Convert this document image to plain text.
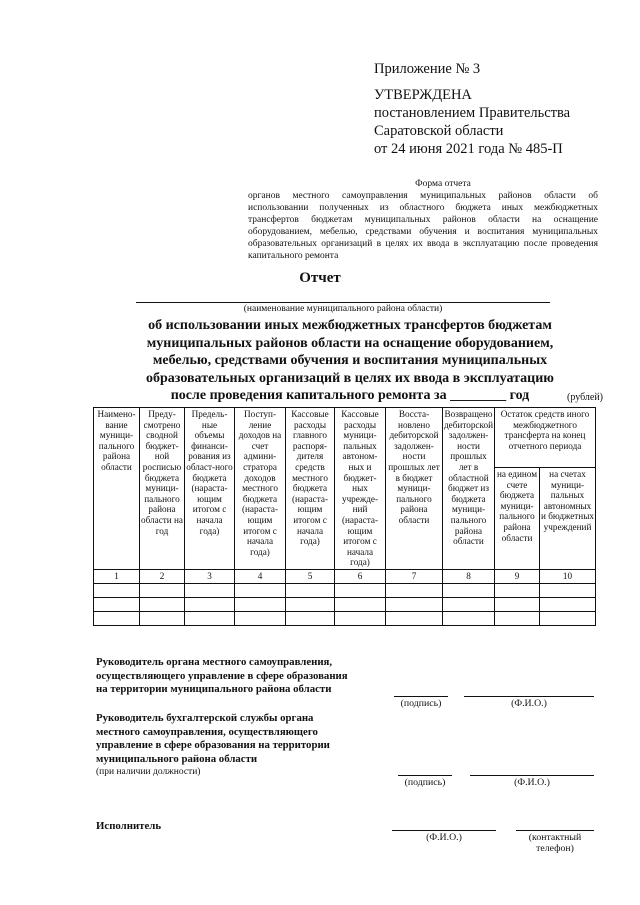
Приложение № 3
УТВЕРЖДЕНА
постановлением Правительства
Саратовской области
от 24 июня 2021 года № 485-П
Форма отчета
органов местного самоуправления муниципальных районов области об использовании полученных из областного бюджета иных межбюджетных трансфертов бюджетам муниципальных районов области на оснащение оборудованием, мебелью, средствами обучения и воспитания муниципальных образовательных организаций в целях их ввода в эксплуатацию после проведения капитального ремонта
Отчет
(наименование муниципального района области)
об использовании иных межбюджетных трансфертов бюджетам
муниципальных районов области на оснащение оборудованием,
мебелью, средствами обучения и воспитания муниципальных
образовательных организаций в целях их ввода в эксплуатацию
после проведения капитального ремонта за ________ год	(рублей)
Наимено-вание муници-пального района области	Преду-смотрено сводной бюджет-ной росписью бюджета муници-пального района области на год	Предель-ные объемы финанси-рования из област-ного бюджета (нараста-ющим итогом с начала года)	Поступ-ление доходов на счет админи-стратора доходов местного бюджета (нараста-ющим итогом с начала года)	Кассовые расходы главного распоря-дителя средств местного бюджета (нараста-ющим итогом с начала года)	Кассовые расходы муници-пальных автоном-ных и бюджет-ных учрежде-ний (нараста-ющим итогом с начала года)	Восста-новлено дебиторской задолжен-ности прошлых лет в бюджет муници-пального района области	Возвращено дебиторской задолжен-ности прошлых лет в областной бюджет из бюджета муници-пального района области	Остаток средств иного межбюджетного трансферта на конец отчетного периода	
								на едином счете бюджета муници-пального района области	на счетах муници-пальных автономных и бюджетных учреждений
1	2	3	4	5	6	7	8	9	10

Руководитель органа местного самоуправления,
осуществляющего управление в сфере образования
на территории муниципального района области
(подпись)	(Ф.И.О.)
Руководитель бухгалтерской службы органа
местного самоуправления, осуществляющего
управление в сфере образования на территории
муниципального района области
(при наличии должности)
(подпись)	(Ф.И.О.)
Исполнитель
(Ф.И.О.)	(контактный телефон)
